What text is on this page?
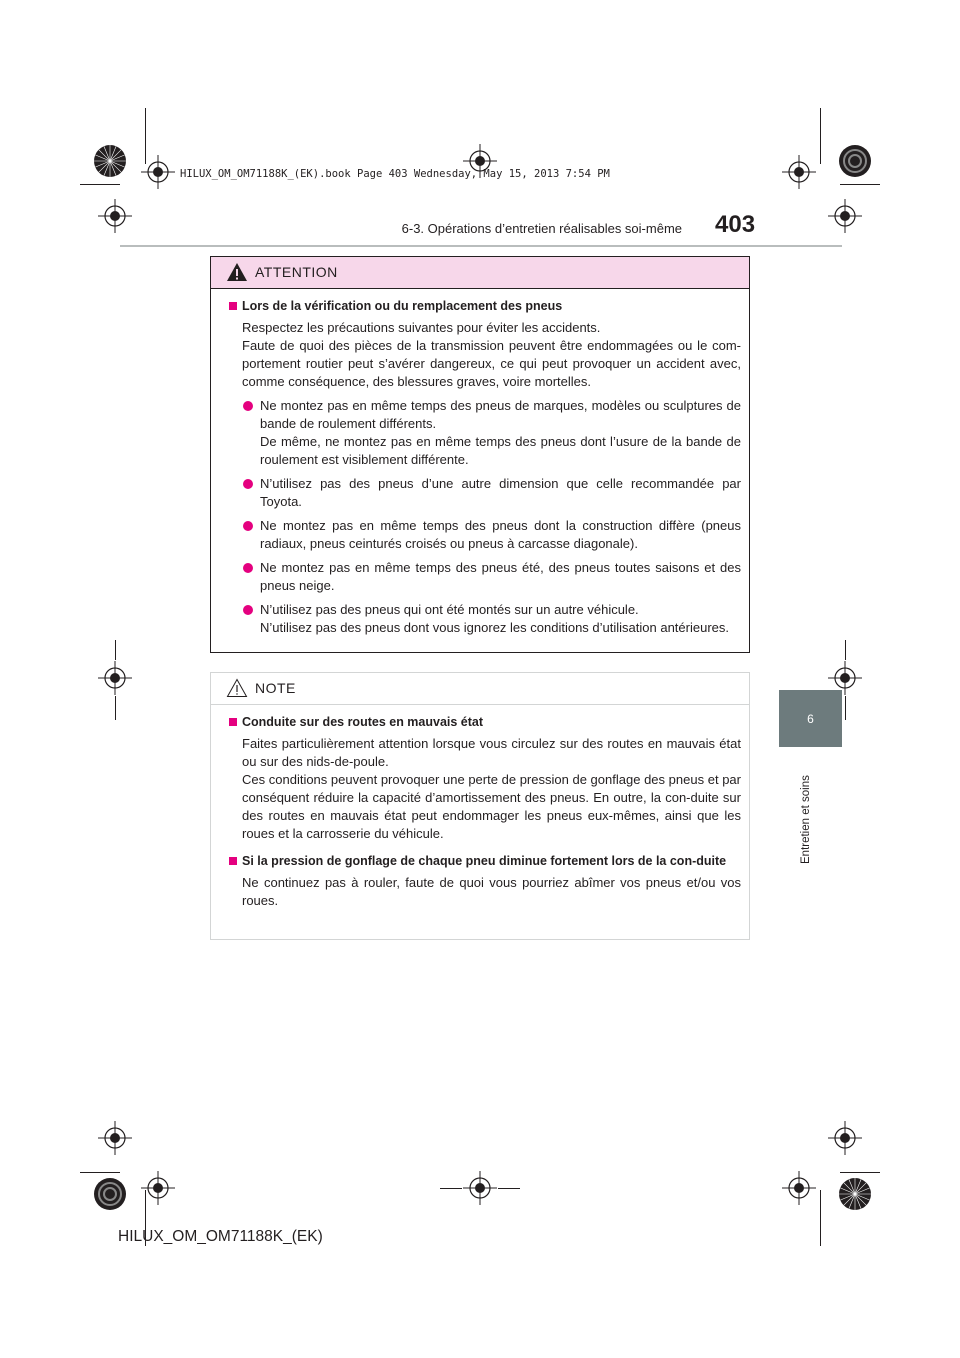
HILUX_OM_OM71188K_(EK).book Page 403 Wednesday, May 15, 2013 7:54 PM
6-3. Opérations d’entretien réalisables soi-même 403
6
Entretien et soins
ATTENTION
Lors de la vérification ou du remplacement des pneus

Respectez les précautions suivantes pour éviter les accidents.

Faute de quoi des pièces de la transmission peuvent être endommagées ou le com-portement routier peut s’avérer dangereux, ce qui peut provoquer un accident avec, comme conséquence, des blessures graves, voire mortelles.

Ne montez pas en même temps des pneus de marques, modèles ou sculptures de bande de roulement différents.

De même, ne montez pas en même temps des pneus dont l’usure de la bande de roulement est visiblement différente.

N’utilisez pas des pneus d’une autre dimension que celle recommandée par Toyota.

Ne montez pas en même temps des pneus dont la construction diffère (pneus radiaux, pneus ceinturés croisés ou pneus à carcasse diagonale).

Ne montez pas en même temps des pneus été, des pneus toutes saisons et des pneus neige.

N’utilisez pas des pneus qui ont été montés sur un autre véhicule.

N’utilisez pas des pneus dont vous ignorez les conditions d’utilisation antérieures.

NOTE
Conduite sur des routes en mauvais état

Faites particulièrement attention lorsque vous circulez sur des routes en mauvais état ou sur des nids-de-poule.

Ces conditions peuvent provoquer une perte de pression de gonflage des pneus et par conséquent réduire la capacité d’amortissement des pneus. En outre, la con-duite sur des routes en mauvais état peut endommager les pneus eux-mêmes, ainsi que les roues et la carrosserie du véhicule.

Si la pression de gonflage de chaque pneu diminue fortement lors de la con-duite

Ne continuez pas à rouler, faute de quoi vous pourriez abîmer vos pneus et/ou vos roues.

HILUX_OM_OM71188K_(EK)
